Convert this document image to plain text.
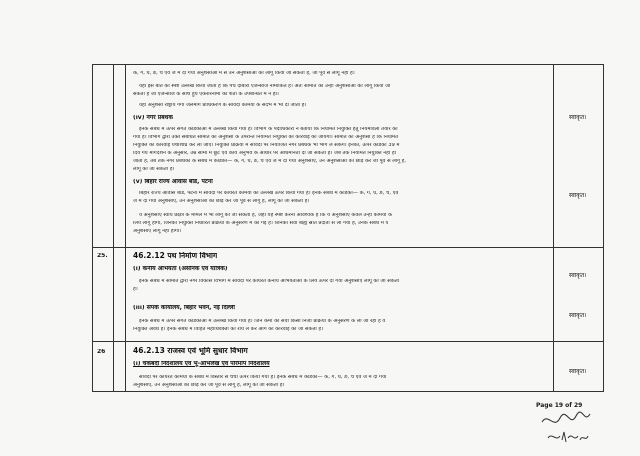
क, ग, घ, ङ, च एवं ज में दी गयी अनुशंसाओं में से उन अनुशंसाओं को लागू किया जा सकता है, जो पूर्व से लागू नहीं हैं।
यहाँ इस बात का स्पष्ट उल्लेख किया जाता है कि पंच दोबारा एजेन्सीज नामांकित हैं। अतः समिति की उन्हीं अनुशंसाओं को लागू किया जा
सकता है जो एजेन्सीज के साथ हुये एकरारनामा की शर्तों के उपबन्धित में न हो।
यही अनुशंसा राष्ट्रीय गंगा जलमार्ग प्राधिकरण के संविदा कर्मियों के संदर्भ में भी दी जाती है।
(iv) नगर प्रबंधक	स्वीकृत।
इनके संबंध में ऊपर संगत कंडिकाओं में उल्लेख किया गया है। विभाग के पदाधिकारी ने बताया कि नियमित नियुक्ति हेतु नियमावली तैयार की
गयी है। विभाग द्वारा उक्त संबंधित समिति की अनुशंसा के उपरान्त नियमित नियुक्ति की कार्रवाई की जायगी। समिति की अनुशंसा है कि नियमित
नियुक्ति की कार्रवाई यथाशीघ्र कर ली जाए। नियुक्ति प्रक्रिया में संविदा पर नियोजित नगर प्रबंधक भी भाग ले सकेंगे। इनको, ऊपर कंडिका 39 में
दिये गये मार्गदर्शन के अनुसार, उम्र सीमा में छूट एवं कार्य अनुभव के आधार पर अधिमानता दी जा सकती है। जब तक नियमित नियुक्ति नहीं हो
जाती है, तब तक नगर प्रबंधकों के संबंध में कंडिका— क, ग, घ, ङ, च एवं ज में दी गयी अनुशंसाएं, उन अनुशंसाओं को छोड़ कर जो पूर्व से लागू हैं,
लागू की जा सकती हैं।
(v) बिहार राज्य आवास बोर्ड, पटना
स्वीकृत।
बिहार राज्य आवास बोर्ड, पटना में संविदा पर कार्यरत कर्मियों का उल्लेख ऊपर किया गया है। इनके संबंध में कंडिका— क, ग, घ, ङ, च, एवं
ज में दी गयी अनुशंसाएं, उन अनुशंसाओं को छोड़ कर जो पूर्व से लागू हैं, लागू की जा सकती हैं।
ये अनुशंसाएं स्वीय प्रक्षेत्र के मामले में भी लागू की जा सकती हैं, जहाँ यह स्पष्ट करना आवश्यक है कि ये अनुशंसाएं केवल उन्हीं कर्मियों के
लिये लागू होंगी, जिनकी नियुक्ति निर्धारित प्रक्रिया के अनुसरण में की गई है। जिनकी सेवा बाह्य स्रोत प्रदाता से ली गयी है, उनके संबंध में ये
अनुशंसाएं लागू नहीं होंगी।
25.	46.2.12 पथ निर्माण विभाग
(i) कनीय अभियंता (असैनिक एवं यांत्रिक)
स्वीकृत।
इनके संबंध में समिति द्वारा नगर विकास विभाग में संविदा पर कार्यरत कनीय अभियंताओं के लिये ऊपर दी गयी अनुशंसाएं लागू की जा सकती
हैं।
(iii) संपर्क कार्यालय, बिहार भवन, नई दिल्ली
स्वीकृत।
इनके संबंध में ऊपर संगत कंडिकाओं में उल्लेख किया गया है। जिन कर्मी की सेवा किसी निजी प्रक्रिया के अनुसरण के ली जा रही है वे
नियुक्ति अवैध है। इनके संबंध में विहित महाधिवक्ता की राय ले कर आगे की कार्रवाई की जा सकती है।
26	46.2.13 राजस्व एवं भूमि सुधार विभाग
(i) चकबंदी निदेशालय एवं भू-अभिलेख एवं परिमाप निदेशालय
स्वीकृत।
संविदा पर कार्यरत कर्मियों के संबंध में विस्तार से चर्चा ऊपर किया गया है। इनके संबंध में कंडिका— क, ग, घ, ङ, च एवं ज में दी गयी
अनुशंसाएं, उन अनुशंसाओं को छोड़ कर जो पूर्व से लागू हैं, लागू की जा सकती हैं।
Page 19 of 29
